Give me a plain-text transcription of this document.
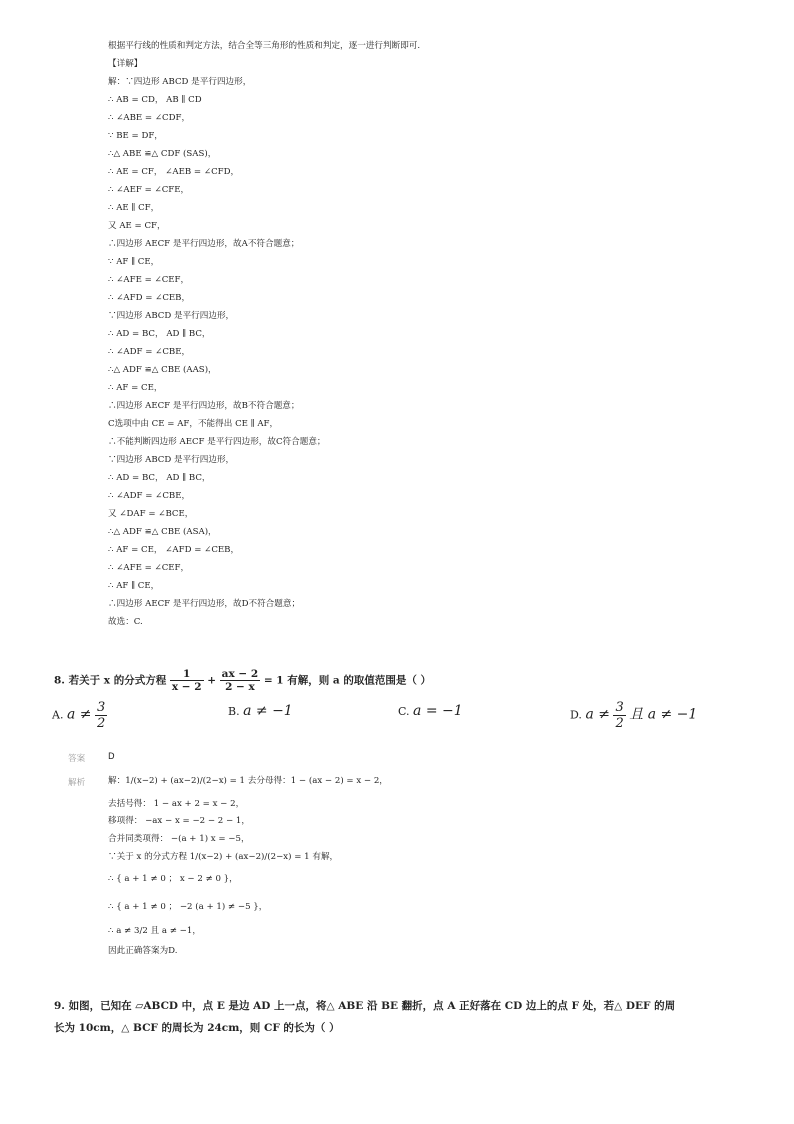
根据平行线的性质和判定方法，结合全等三角形的性质和判定，逐一进行判断即可.
【详解】
解：∵四边形 ABCD 是平行四边形，
∴ AB = CD， AB ∥ CD
∴ ∠ABE = ∠CDF，
∵ BE = DF，
∴△ ABE ≌△ CDF (SAS)，
∴ AE = CF， ∠AEB = ∠CFD，
∴ ∠AEF = ∠CFE，
∴ AE ∥ CF，
又 AE = CF，
∴四边形 AECF 是平行四边形，故A不符合题意；
∵ AF ∥ CE，
∴ ∠AFE = ∠CEF，
∴ ∠AFD = ∠CEB，
∵四边形 ABCD 是平行四边形，
∴ AD = BC， AD ∥ BC，
∴ ∠ADF = ∠CBE，
∴△ ADF ≌△ CBE (AAS)，
∴ AF = CE，
∴四边形 AECF 是平行四边形，故B不符合题意；
C选项中由 CE = AF，不能得出 CE ∥ AF，
∴不能判断四边形 AECF 是平行四边形，故C符合题意；
∵四边形 ABCD 是平行四边形，
∴ AD = BC， AD ∥ BC，
∴ ∠ADF = ∠CBE，
又 ∠DAF = ∠BCE，
∴△ ADF ≌△ CBE (ASA)，
∴ AF = CE， ∠AFD = ∠CEB，
∴ ∠AFE = ∠CEF，
∴ AF ∥ CE，
∴四边形 AECF 是平行四边形，故D不符合题意；
故选：C.
8. 若关于 x 的分式方程 $\frac{1}{x - 2} + \frac{ax - 2}{2 - x} = 1$ 有解，则 a 的取值范围是（ ）
A. $a \ne \frac{3}{2}$	B. a ≠ −1	C. a = −1	D. $a \ne \frac{3}{2}$ 且 a ≠ −1
答案	D
解析	解：1/(x−2) + (ax−2)/(2−x) = 1 去分母得：1 − (ax − 2) = x − 2，
去括号得： 1 − ax + 2 = x − 2，
移项得： −ax − x = −2 − 2 − 1，
合并同类项得： −(a + 1) x = −5，
∵关于 x 的分式方程 1/(x−2) + (ax−2)/(2−x) = 1 有解，
∴ { a + 1 ≠ 0 ； x − 2 ≠ 0 }，
∴ { a + 1 ≠ 0 ； −2 (a + 1) ≠ −5 }，
∴ a ≠ 3/2 且 a ≠ −1，
因此正确答案为D.
9. 如图，已知在 ▱ABCD 中，点 E 是边 AD 上一点，将△ ABE 沿 BE 翻折，点 A 正好落在 CD 边上的点 F 处，若△ DEF 的周
长为 10cm，△ BCF 的周长为 24cm，则 CF 的长为（ ）
